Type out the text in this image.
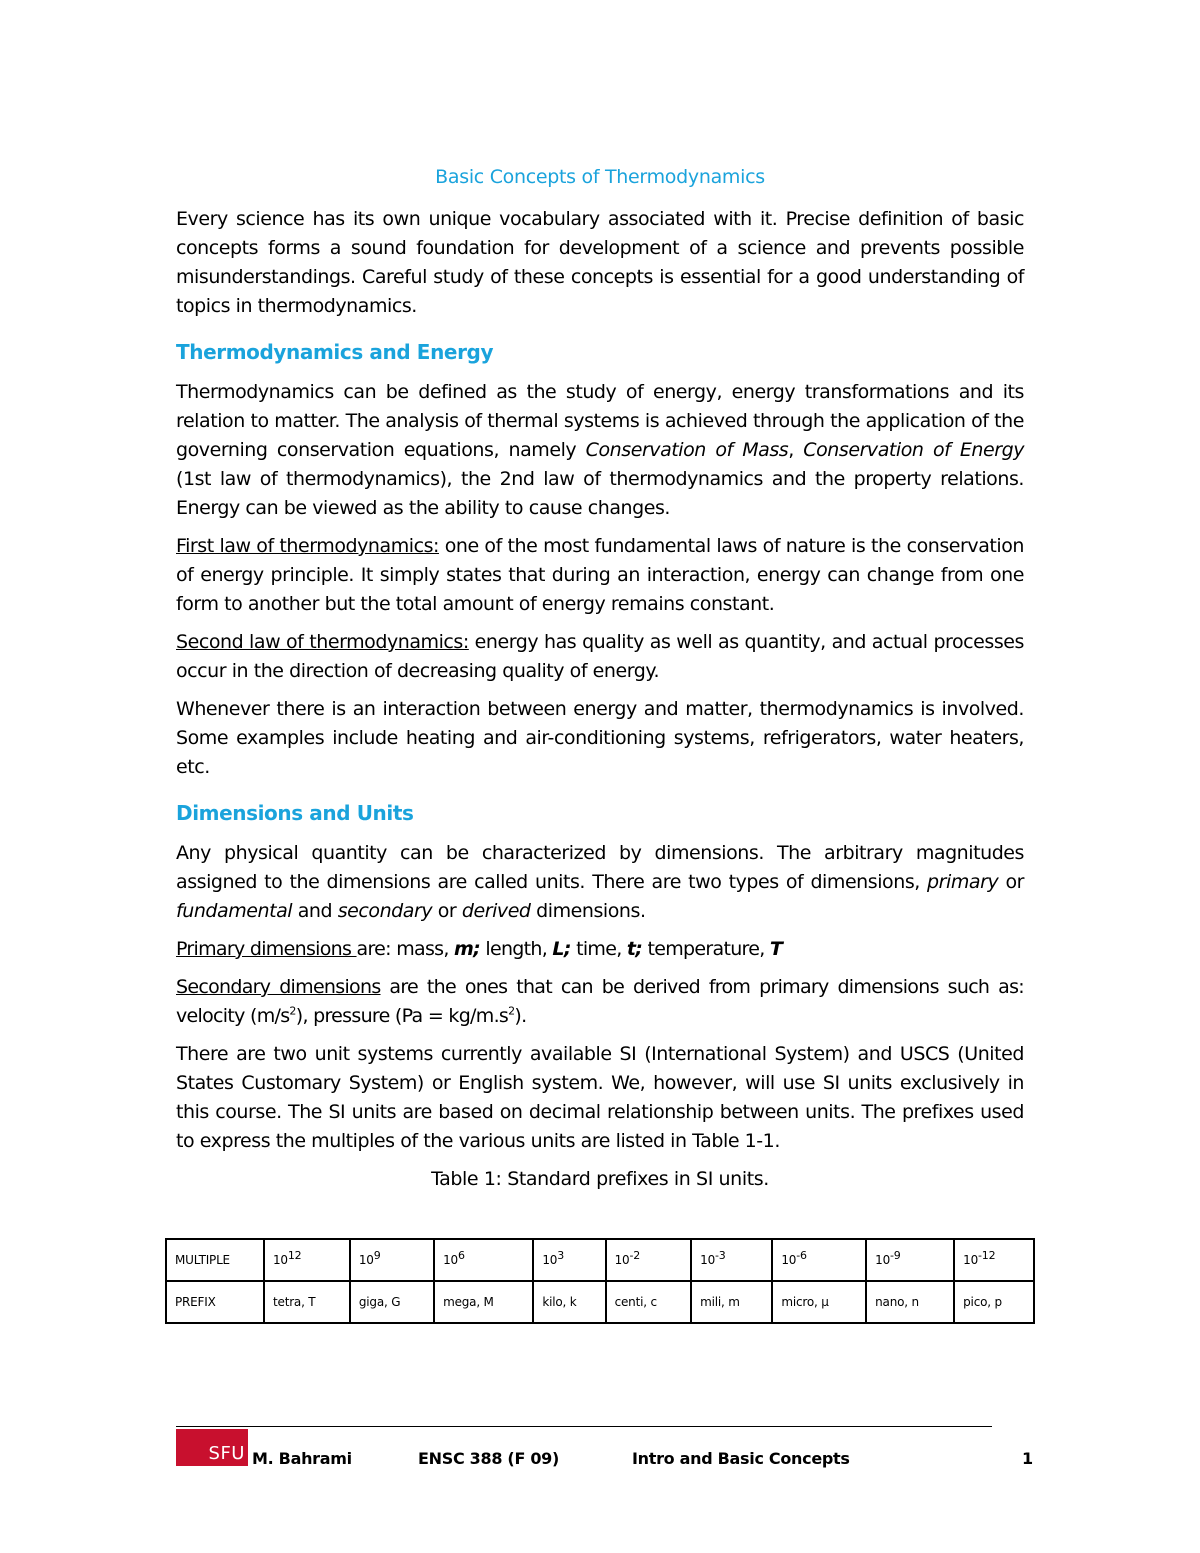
Basic Concepts of Thermodynamics

Every science has its own unique vocabulary associated with it. Precise definition of basic concepts forms a sound foundation for development of a science and prevents possible misunderstandings. Careful study of these concepts is essential for a good understanding of topics in thermodynamics.

Thermodynamics and Energy

Thermodynamics can be defined as the study of energy, energy transformations and its relation to matter. The analysis of thermal systems is achieved through the application of the governing conservation equations, namely Conservation of Mass, Conservation of Energy (1st law of thermodynamics), the 2nd law of thermodynamics and the property relations. Energy can be viewed as the ability to cause changes.

First law of thermodynamics: one of the most fundamental laws of nature is the conservation of energy principle. It simply states that during an interaction, energy can change from one form to another but the total amount of energy remains constant.

Second law of thermodynamics: energy has quality as well as quantity, and actual processes occur in the direction of decreasing quality of energy.

Whenever there is an interaction between energy and matter, thermodynamics is involved. Some examples include heating and air-conditioning systems, refrigerators, water heaters, etc.

Dimensions and Units

Any physical quantity can be characterized by dimensions. The arbitrary magnitudes assigned to the dimensions are called units. There are two types of dimensions, primary or fundamental and secondary or derived dimensions.

Primary dimensions are: mass, m; length, L; time, t; temperature, T

Secondary dimensions are the ones that can be derived from primary dimensions such as: velocity $(m/s^2)$, pressure $(Pa = kg/m.s^2)$.

There are two unit systems currently available SI (International System) and USCS (United States Customary System) or English system. We, however, will use SI units exclusively in this course. The SI units are based on decimal relationship between units. The prefixes used to express the multiples of the various units are listed in Table 1-1.

Table 1: Standard prefixes in SI units.
MULTIPLE	$10^{12}$	$10^9$	$10^6$	$10^3$	$10^{-2}$	$10^{-3}$	$10^{-6}$	$10^{-9}$	$10^{-12}$
PREFIX	tetra, T	giga, G	mega, M	kilo, k	centi, c	mili, m	micro, µ	nano, n	pico, p
SFU M. Bahrami	ENSC 388 (F 09)	Intro and Basic Concepts	1
